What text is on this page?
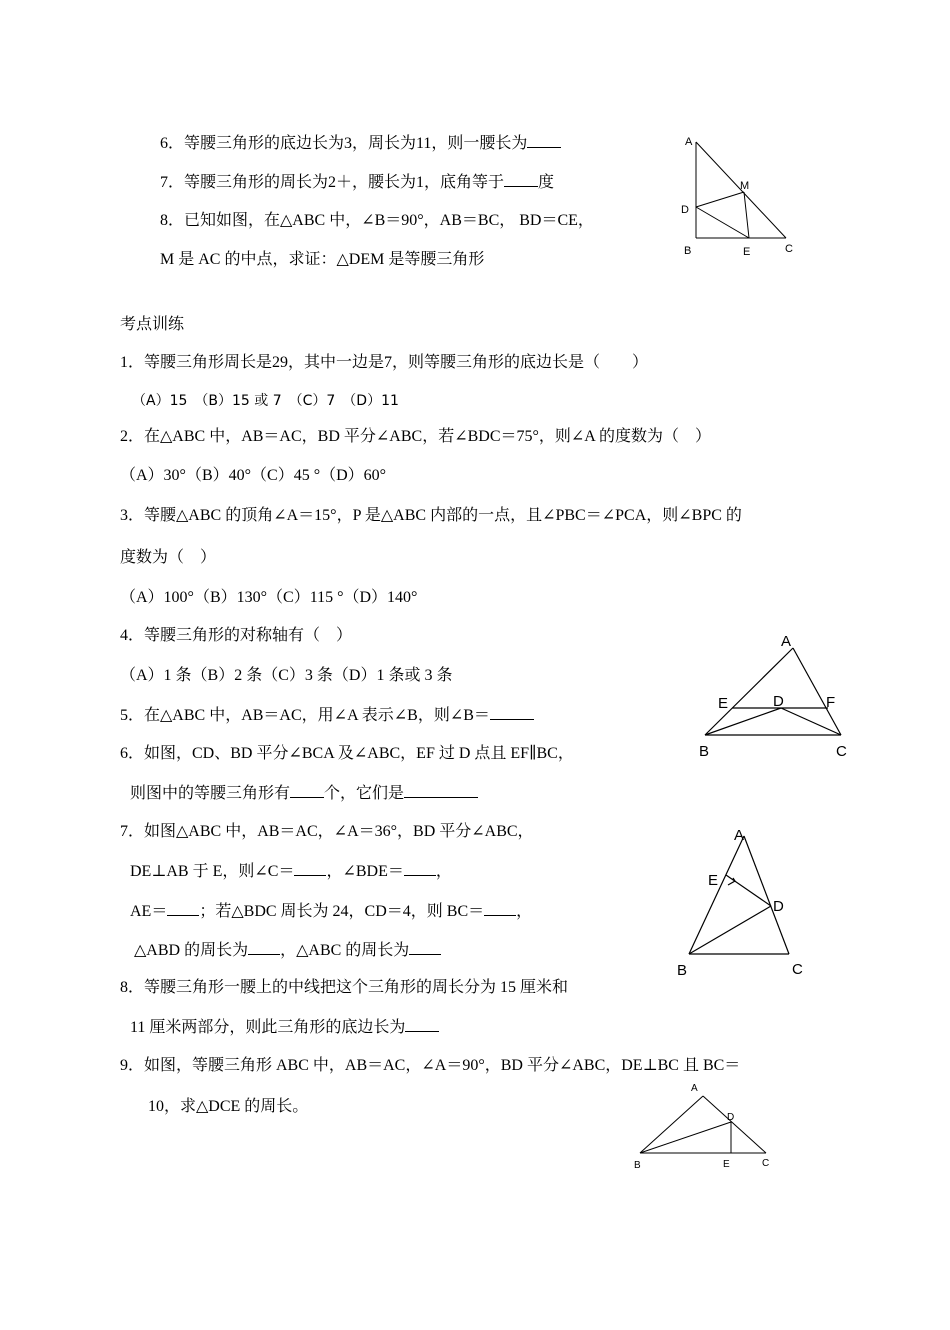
6．等腰三角形的底边长为3，周长为11，则一腰长为
7．等腰三角形的周长为2＋，腰长为1，底角等于 度
8．已知如图，在△ABC 中，∠B＝90°，AB＝BC， BD＝CE，
M 是 AC 的中点，求证：△DEM 是等腰三角形
A
M
D
B	E	C
考点训练
1．等腰三角形周长是29，其中一边是7，则等腰三角形的底边长是（　　）
（A）15　（B）15 或 7　（C）7　（D）11
2．在△ABC 中，AB＝AC，BD 平分∠ABC，若∠BDC＝75°，则∠A 的度数为（　）
（A）30°（B）40°（C）45 °（D）60°
3．等腰△ABC 的顶角∠A＝15°，P 是△ABC 内部的一点，且∠PBC＝∠PCA，则∠BPC 的
度数为（　）
（A）100°（B）130°（C）115 °（D）140°
4．等腰三角形的对称轴有（　）
（A）1 条（B）2 条（C）3 条（D）1 条或 3 条
A
E	D	F
B	C
5．在△ABC 中，AB＝AC，用∠A 表示∠B，则∠B＝
6．如图，CD、BD 平分∠BCA 及∠ABC，EF 过 D 点且 EF∥BC，
则图中的等腰三角形有 个，它们是
7．如图△ABC 中，AB＝AC，∠A＝36°，BD 平分∠ABC，
DE⊥AB 于 E，则∠C＝ ，∠BDE＝ ，
AE＝ ；若△BDC 周长为 24，CD＝4，则 BC＝ ，
△ABD 的周长为 ，△ABC 的周长为
A
E
D
B	C
8．等腰三角形一腰上的中线把这个三角形的周长分为 15 厘米和
11 厘米两部分，则此三角形的底边长为
9．如图，等腰三角形 ABC 中，AB＝AC，∠A＝90°，BD 平分∠ABC，DE⊥BC 且 BC＝
10，求△DCE 的周长。
A
D
B	E	C
